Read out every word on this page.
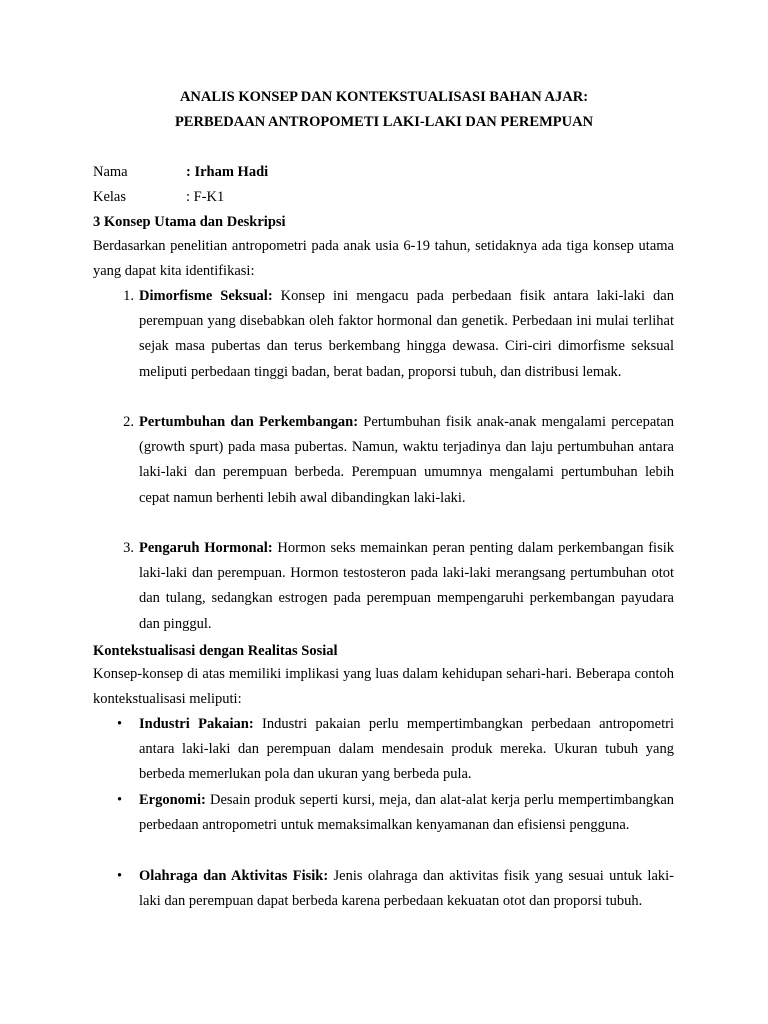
ANALIS KONSEP DAN KONTEKSTUALISASI BAHAN AJAR:
PERBEDAAN ANTROPOMETI LAKI-LAKI DAN PEREMPUAN
Nama	: Irham Hadi
Kelas	: F-K1
3 Konsep Utama dan Deskripsi
Berdasarkan penelitian antropometri pada anak usia 6-19 tahun, setidaknya ada tiga konsep utama yang dapat kita identifikasi:
1. Dimorfisme Seksual: Konsep ini mengacu pada perbedaan fisik antara laki-laki dan perempuan yang disebabkan oleh faktor hormonal dan genetik. Perbedaan ini mulai terlihat sejak masa pubertas dan terus berkembang hingga dewasa. Ciri-ciri dimorfisme seksual meliputi perbedaan tinggi badan, berat badan, proporsi tubuh, dan distribusi lemak.
2. Pertumbuhan dan Perkembangan: Pertumbuhan fisik anak-anak mengalami percepatan (growth spurt) pada masa pubertas. Namun, waktu terjadinya dan laju pertumbuhan antara laki-laki dan perempuan berbeda. Perempuan umumnya mengalami pertumbuhan lebih cepat namun berhenti lebih awal dibandingkan laki-laki.
3. Pengaruh Hormonal: Hormon seks memainkan peran penting dalam perkembangan fisik laki-laki dan perempuan. Hormon testosteron pada laki-laki merangsang pertumbuhan otot dan tulang, sedangkan estrogen pada perempuan mempengaruhi perkembangan payudara dan pinggul.
Kontekstualisasi dengan Realitas Sosial
Konsep-konsep di atas memiliki implikasi yang luas dalam kehidupan sehari-hari. Beberapa contoh kontekstualisasi meliputi:
•	Industri Pakaian: Industri pakaian perlu mempertimbangkan perbedaan antropometri antara laki-laki dan perempuan dalam mendesain produk mereka. Ukuran tubuh yang berbeda memerlukan pola dan ukuran yang berbeda pula.
•	Ergonomi: Desain produk seperti kursi, meja, dan alat-alat kerja perlu mempertimbangkan perbedaan antropometri untuk memaksimalkan kenyamanan dan efisiensi pengguna.
•	Olahraga dan Aktivitas Fisik: Jenis olahraga dan aktivitas fisik yang sesuai untuk laki-laki dan perempuan dapat berbeda karena perbedaan kekuatan otot dan proporsi tubuh.
